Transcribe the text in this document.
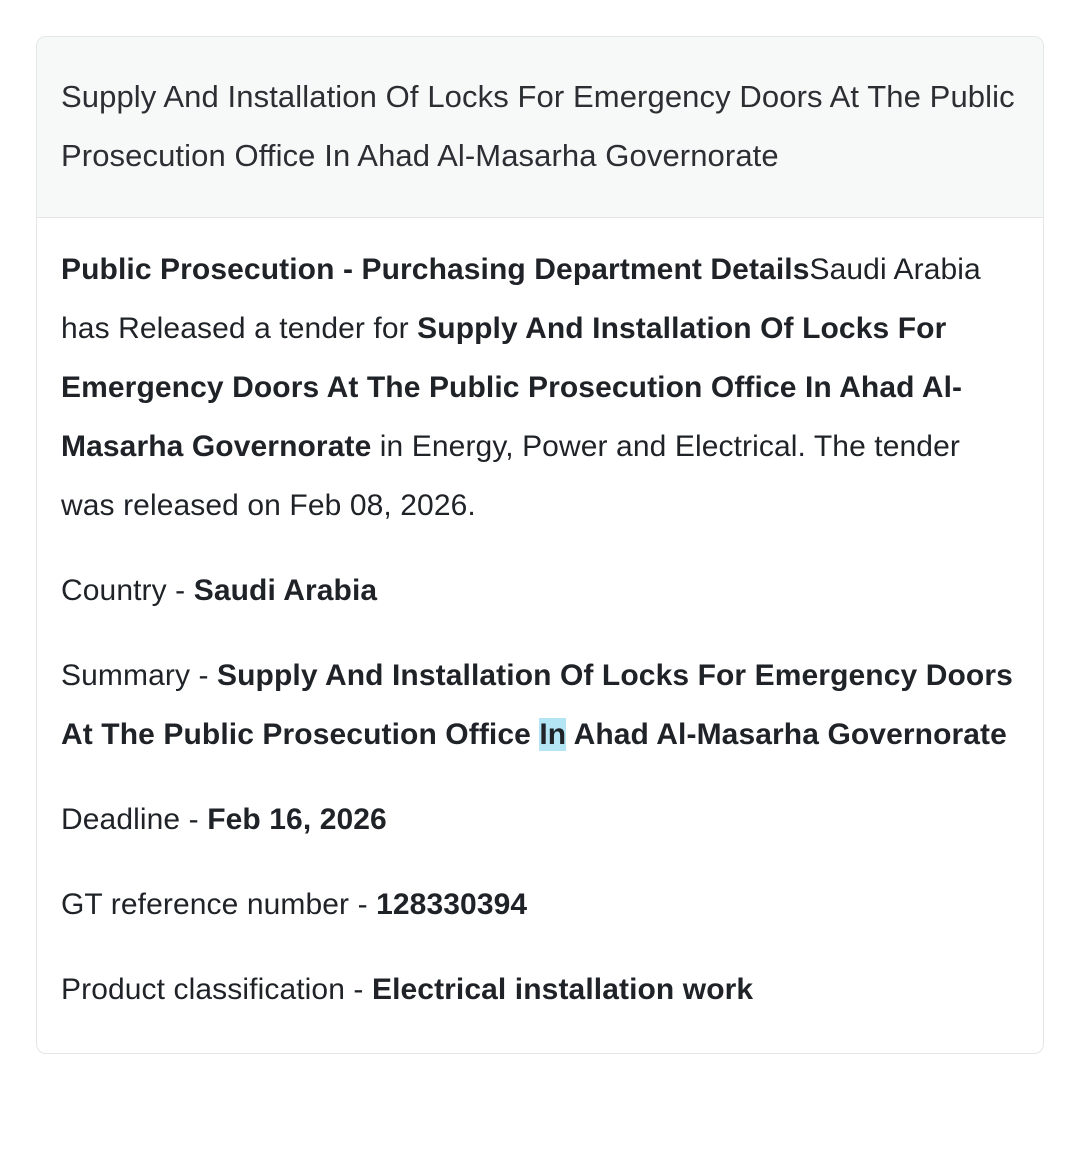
Supply And Installation Of Locks For Emergency Doors At The Public Prosecution Office In Ahad Al-Masarha Governorate

Public Prosecution - Purchasing Department DetailsSaudi Arabia has Released a tender for Supply And Installation Of Locks For Emergency Doors At The Public Prosecution Office In Ahad Al-Masarha Governorate in Energy, Power and Electrical. The tender was released on Feb 08, 2026.

Country - Saudi Arabia

Summary - Supply And Installation Of Locks For Emergency Doors At The Public Prosecution Office In Ahad Al-Masarha Governorate

Deadline - Feb 16, 2026

GT reference number - 128330394

Product classification - Electrical installation work
